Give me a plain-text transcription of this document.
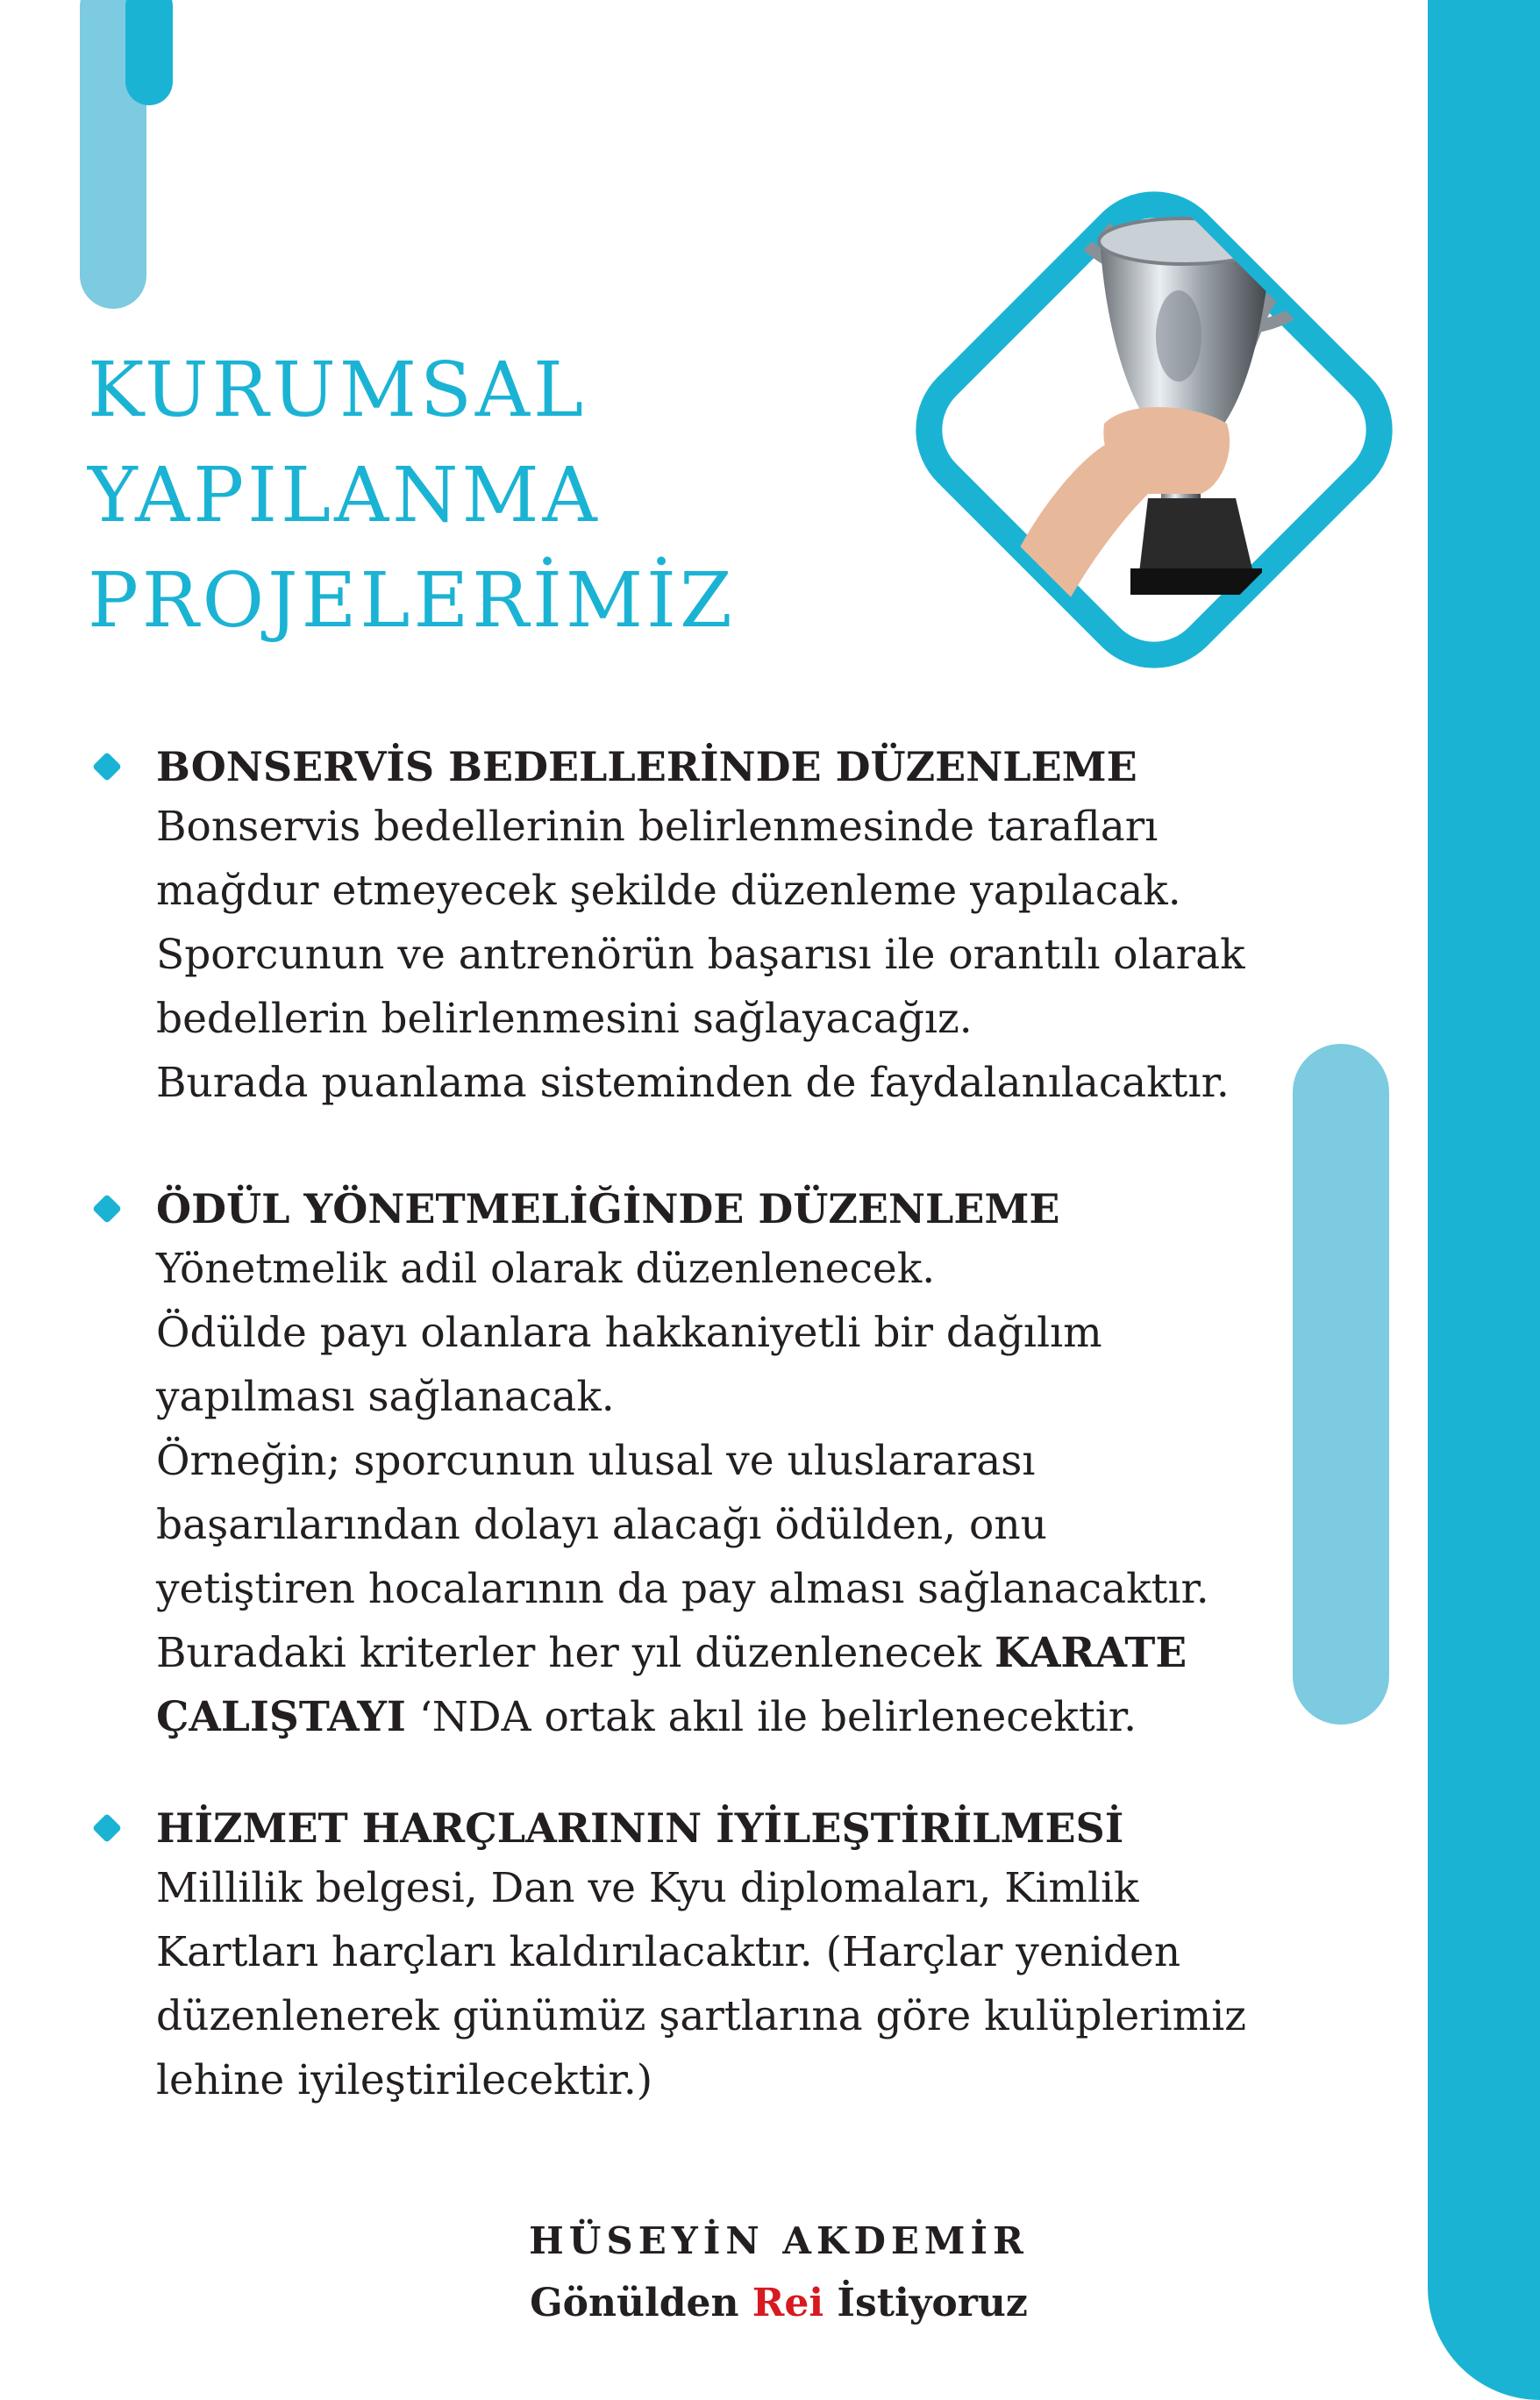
KURUMSAL
YAPILANMA
PROJELERİMİZ
BONSERVİS BEDELLERİNDE DÜZENLEME
Bonservis bedellerinin belirlenmesinde tarafları
mağdur etmeyecek şekilde düzenleme yapılacak.
Sporcunun ve antrenörün başarısı ile orantılı olarak
bedellerin belirlenmesini sağlayacağız.
Burada puanlama sisteminden de faydalanılacaktır.
ÖDÜL YÖNETMELİĞİNDE DÜZENLEME
Yönetmelik adil olarak düzenlenecek.
Ödülde payı olanlara hakkaniyetli bir dağılım
yapılması sağlanacak.
Örneğin; sporcunun ulusal ve uluslararası
başarılarından dolayı alacağı ödülden, onu
yetiştiren hocalarının da pay alması sağlanacaktır.
Buradaki kriterler her yıl düzenlenecek KARATE
ÇALIŞTAYI ‘NDA ortak akıl ile belirlenecektir.
HİZMET HARÇLARININ İYİLEŞTİRİLMESİ
Millilik belgesi, Dan ve Kyu diplomaları, Kimlik
Kartları harçları kaldırılacaktır. (Harçlar yeniden
düzenlenerek günümüz şartlarına göre kulüplerimiz
lehine iyileştirilecektir.)
HÜSEYİN AKDEMİR
Gönülden Rei İstiyoruz
